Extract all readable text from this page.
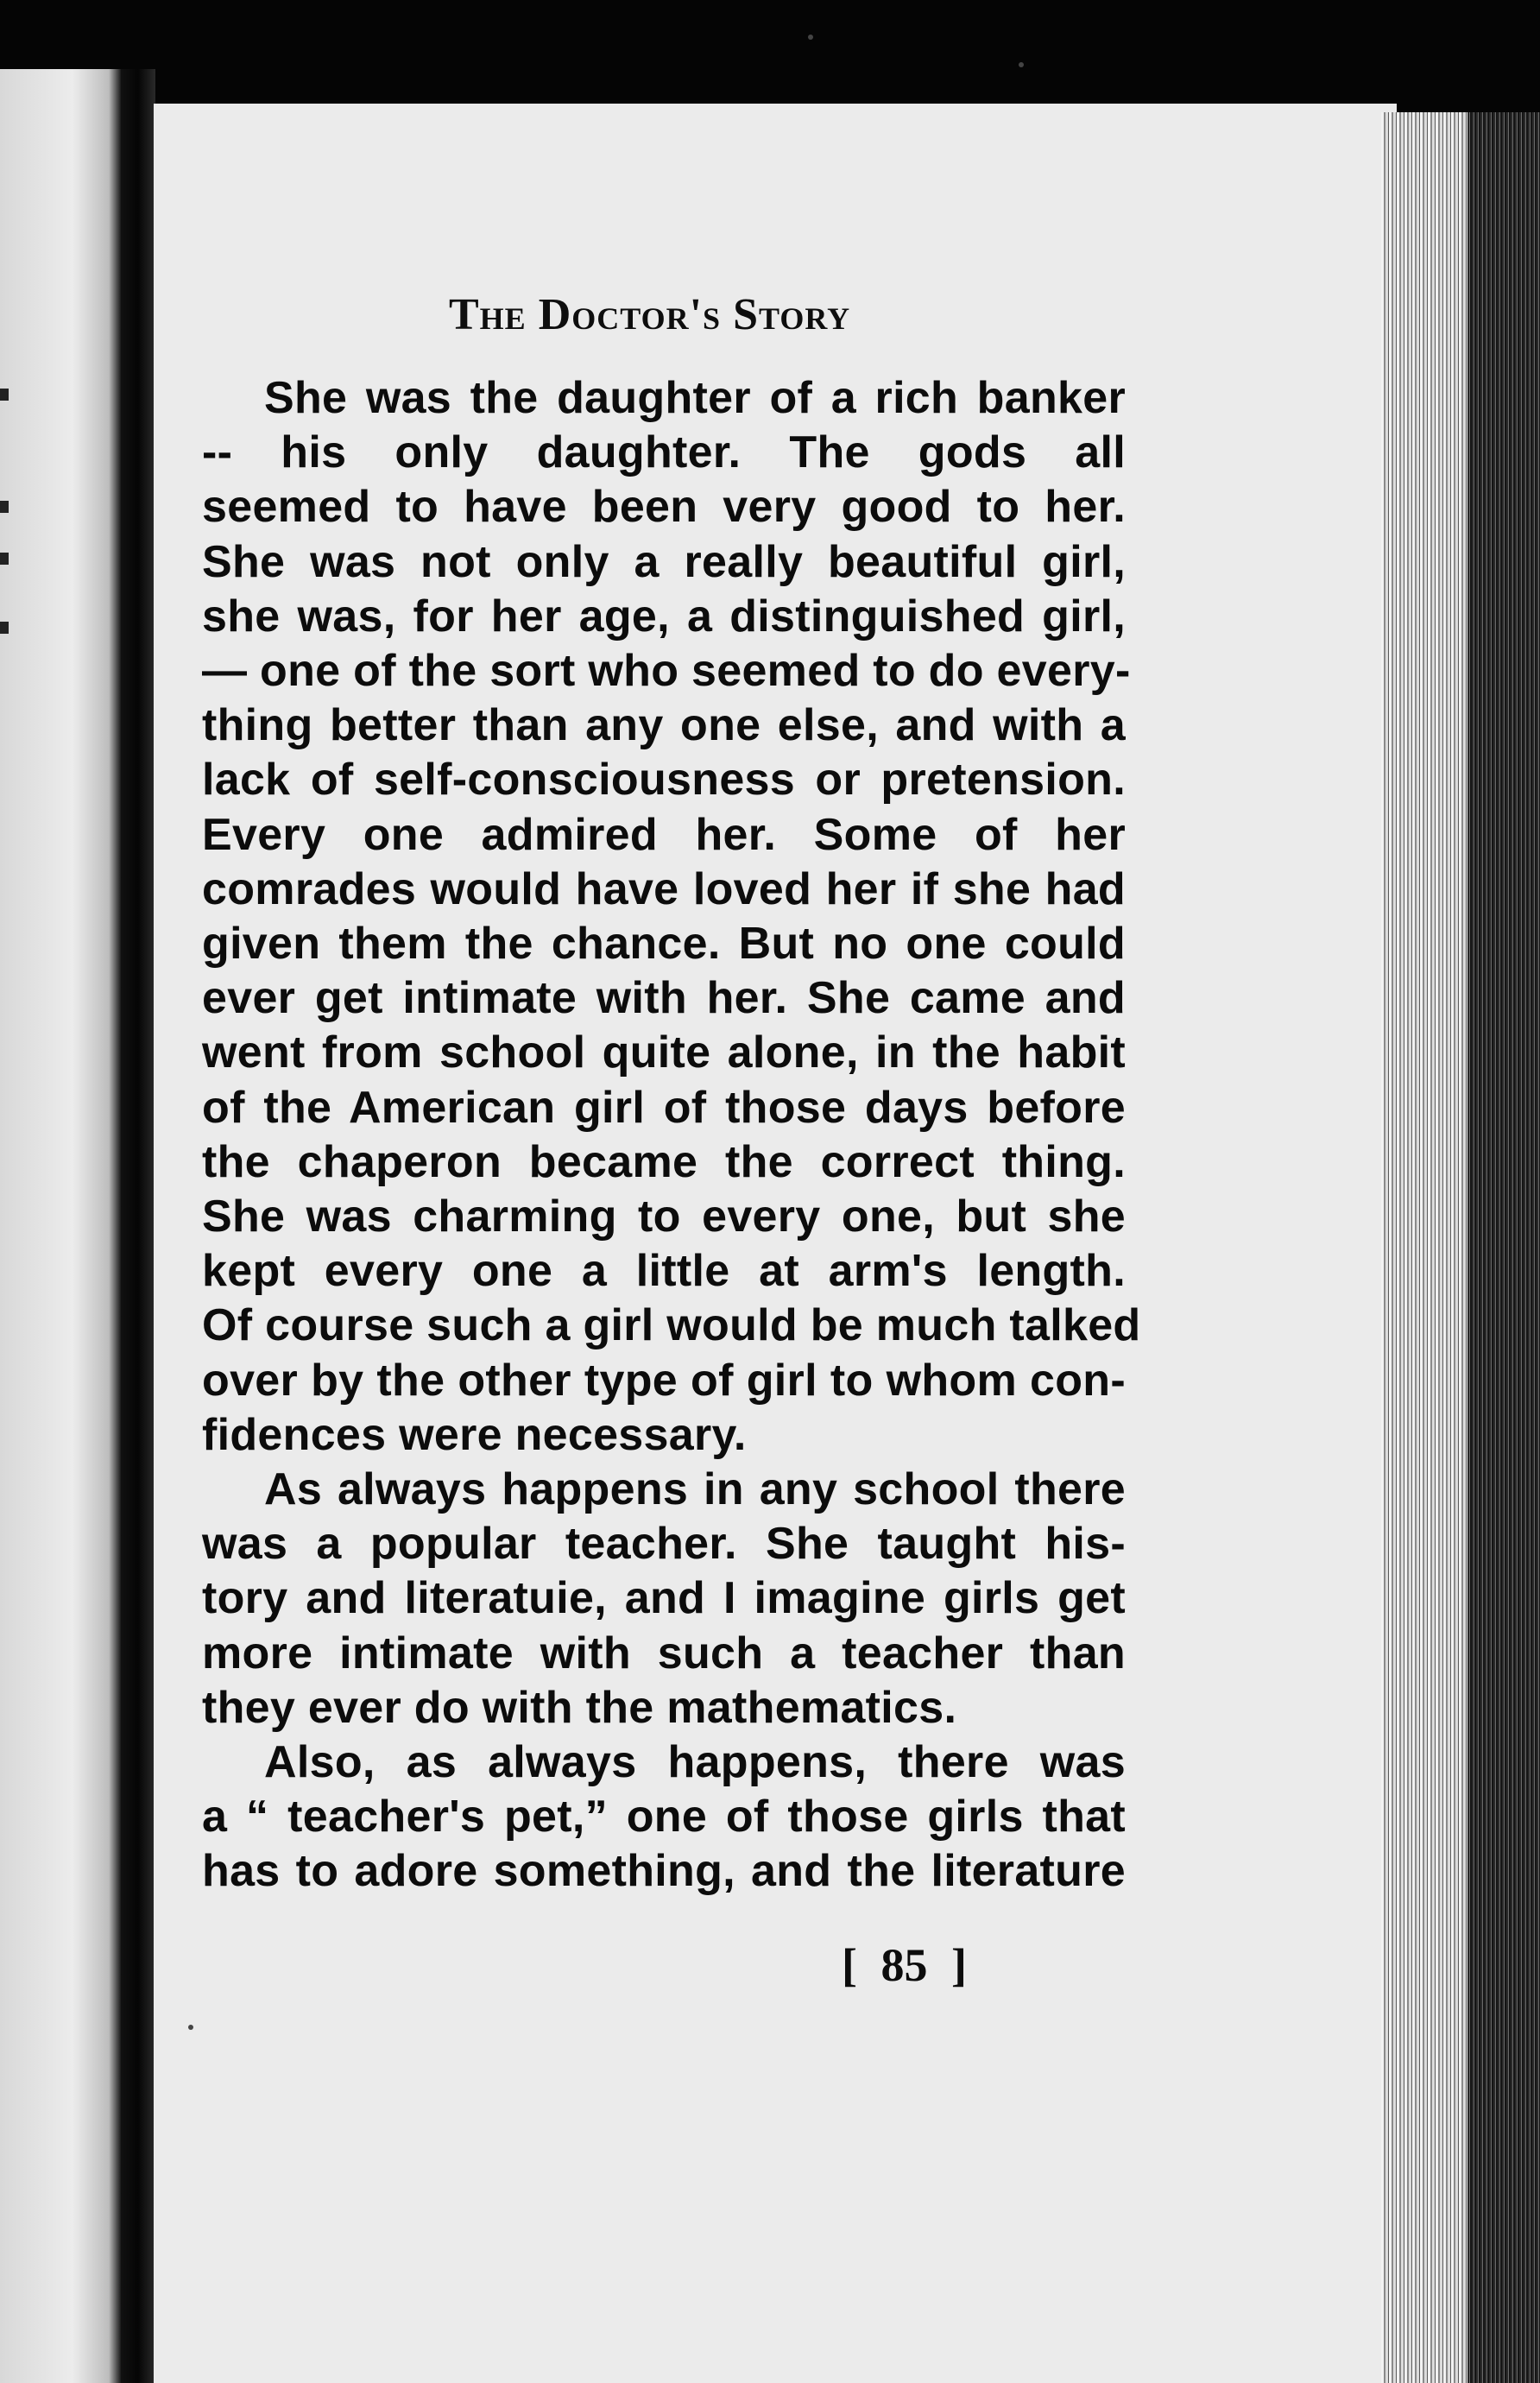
The Doctor's Story
She was the daughter of a rich banker
-- his only daughter. The gods all
seemed to have been very good to her.
She was not only a really beautiful girl,
she was, for her age, a distinguished girl,
— one of the sort who seemed to do every-
thing better than any one else, and with a
lack of self-consciousness or pretension.
Every one admired her. Some of her
comrades would have loved her if she had
given them the chance. But no one could
ever get intimate with her. She came and
went from school quite alone, in the habit
of the American girl of those days before
the chaperon became the correct thing.
She was charming to every one, but she
kept every one a little at arm's length.
Of course such a girl would be much talked
over by the other type of girl to whom con-
fidences were necessary.
As always happens in any school there
was a popular teacher. She taught his-
tory and literatuie, and I imagine girls get
more intimate with such a teacher than
they ever do with the mathematics.
Also, as always happens, there was
a “ teacher's pet,” one of those girls that
has to adore something, and the literature
[ 85 ]
